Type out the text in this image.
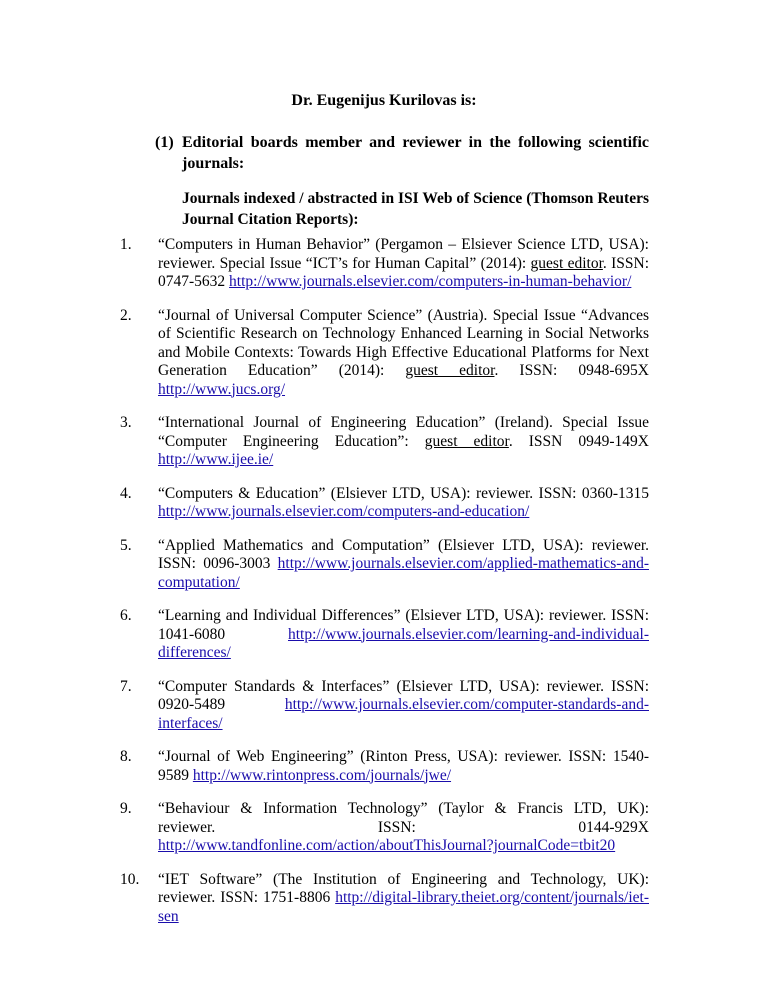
Dr. Eugenijus Kurilovas is:
(1) Editorial boards member and reviewer in the following scientific journals:
Journals indexed / abstracted in ISI Web of Science (Thomson Reuters Journal Citation Reports):
1. “Computers in Human Behavior” (Pergamon – Elsiever Science LTD, USA): reviewer. Special Issue “ICT’s for Human Capital” (2014): guest editor. ISSN: 0747-5632 http://www.journals.elsevier.com/computers-in-human-behavior/
2. “Journal of Universal Computer Science” (Austria). Special Issue “Advances of Scientific Research on Technology Enhanced Learning in Social Networks and Mobile Contexts: Towards High Effective Educational Platforms for Next Generation Education” (2014): guest editor. ISSN: 0948-695X http://www.jucs.org/
3. “International Journal of Engineering Education” (Ireland). Special Issue “Computer Engineering Education”: guest editor. ISSN 0949-149X http://www.ijee.ie/
4. “Computers & Education” (Elsiever LTD, USA): reviewer. ISSN: 0360-1315 http://www.journals.elsevier.com/computers-and-education/
5. “Applied Mathematics and Computation” (Elsiever LTD, USA): reviewer. ISSN: 0096-3003 http://www.journals.elsevier.com/applied-mathematics-and-computation/
6. “Learning and Individual Differences” (Elsiever LTD, USA): reviewer. ISSN: 1041-6080 http://www.journals.elsevier.com/learning-and-individual-differences/
7. “Computer Standards & Interfaces” (Elsiever LTD, USA): reviewer. ISSN: 0920-5489 http://www.journals.elsevier.com/computer-standards-and-interfaces/
8. “Journal of Web Engineering” (Rinton Press, USA): reviewer. ISSN: 1540-9589 http://www.rintonpress.com/journals/jwe/
9. “Behaviour & Information Technology” (Taylor & Francis LTD, UK): reviewer. ISSN: 0144-929X http://www.tandfonline.com/action/aboutThisJournal?journalCode=tbit20
10. “IET Software” (The Institution of Engineering and Technology, UK): reviewer. ISSN: 1751-8806 http://digital-library.theiet.org/content/journals/iet-sen
